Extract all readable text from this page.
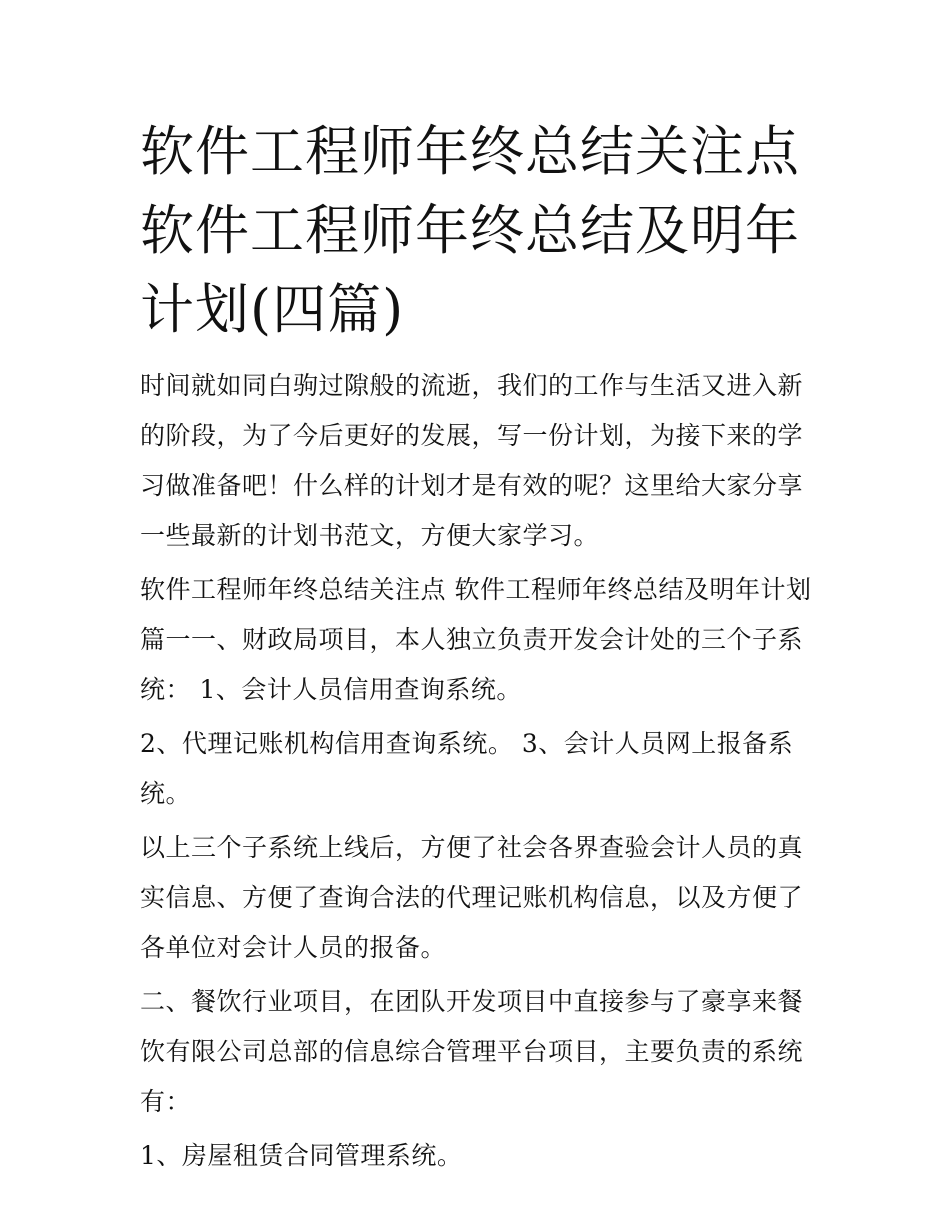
软件工程师年终总结关注点 软件工程师年终总结及明年计划(四篇)

时间就如同白驹过隙般的流逝，我们的工作与生活又进入新的阶段，为了今后更好的发展，写一份计划，为接下来的学习做准备吧！什么样的计划才是有效的呢？这里给大家分享一些最新的计划书范文，方便大家学习。

软件工程师年终总结关注点 软件工程师年终总结及明年计划篇一一、财政局项目，本人独立负责开发会计处的三个子系统： 1、会计人员信用查询系统。

2、代理记账机构信用查询系统。 3、会计人员网上报备系统。

以上三个子系统上线后，方便了社会各界查验会计人员的真实信息、方便了查询合法的代理记账机构信息，以及方便了各单位对会计人员的报备。

二、餐饮行业项目，在团队开发项目中直接参与了豪享来餐饮有限公司总部的信息综合管理平台项目，主要负责的系统有：

1、房屋租赁合同管理系统。
